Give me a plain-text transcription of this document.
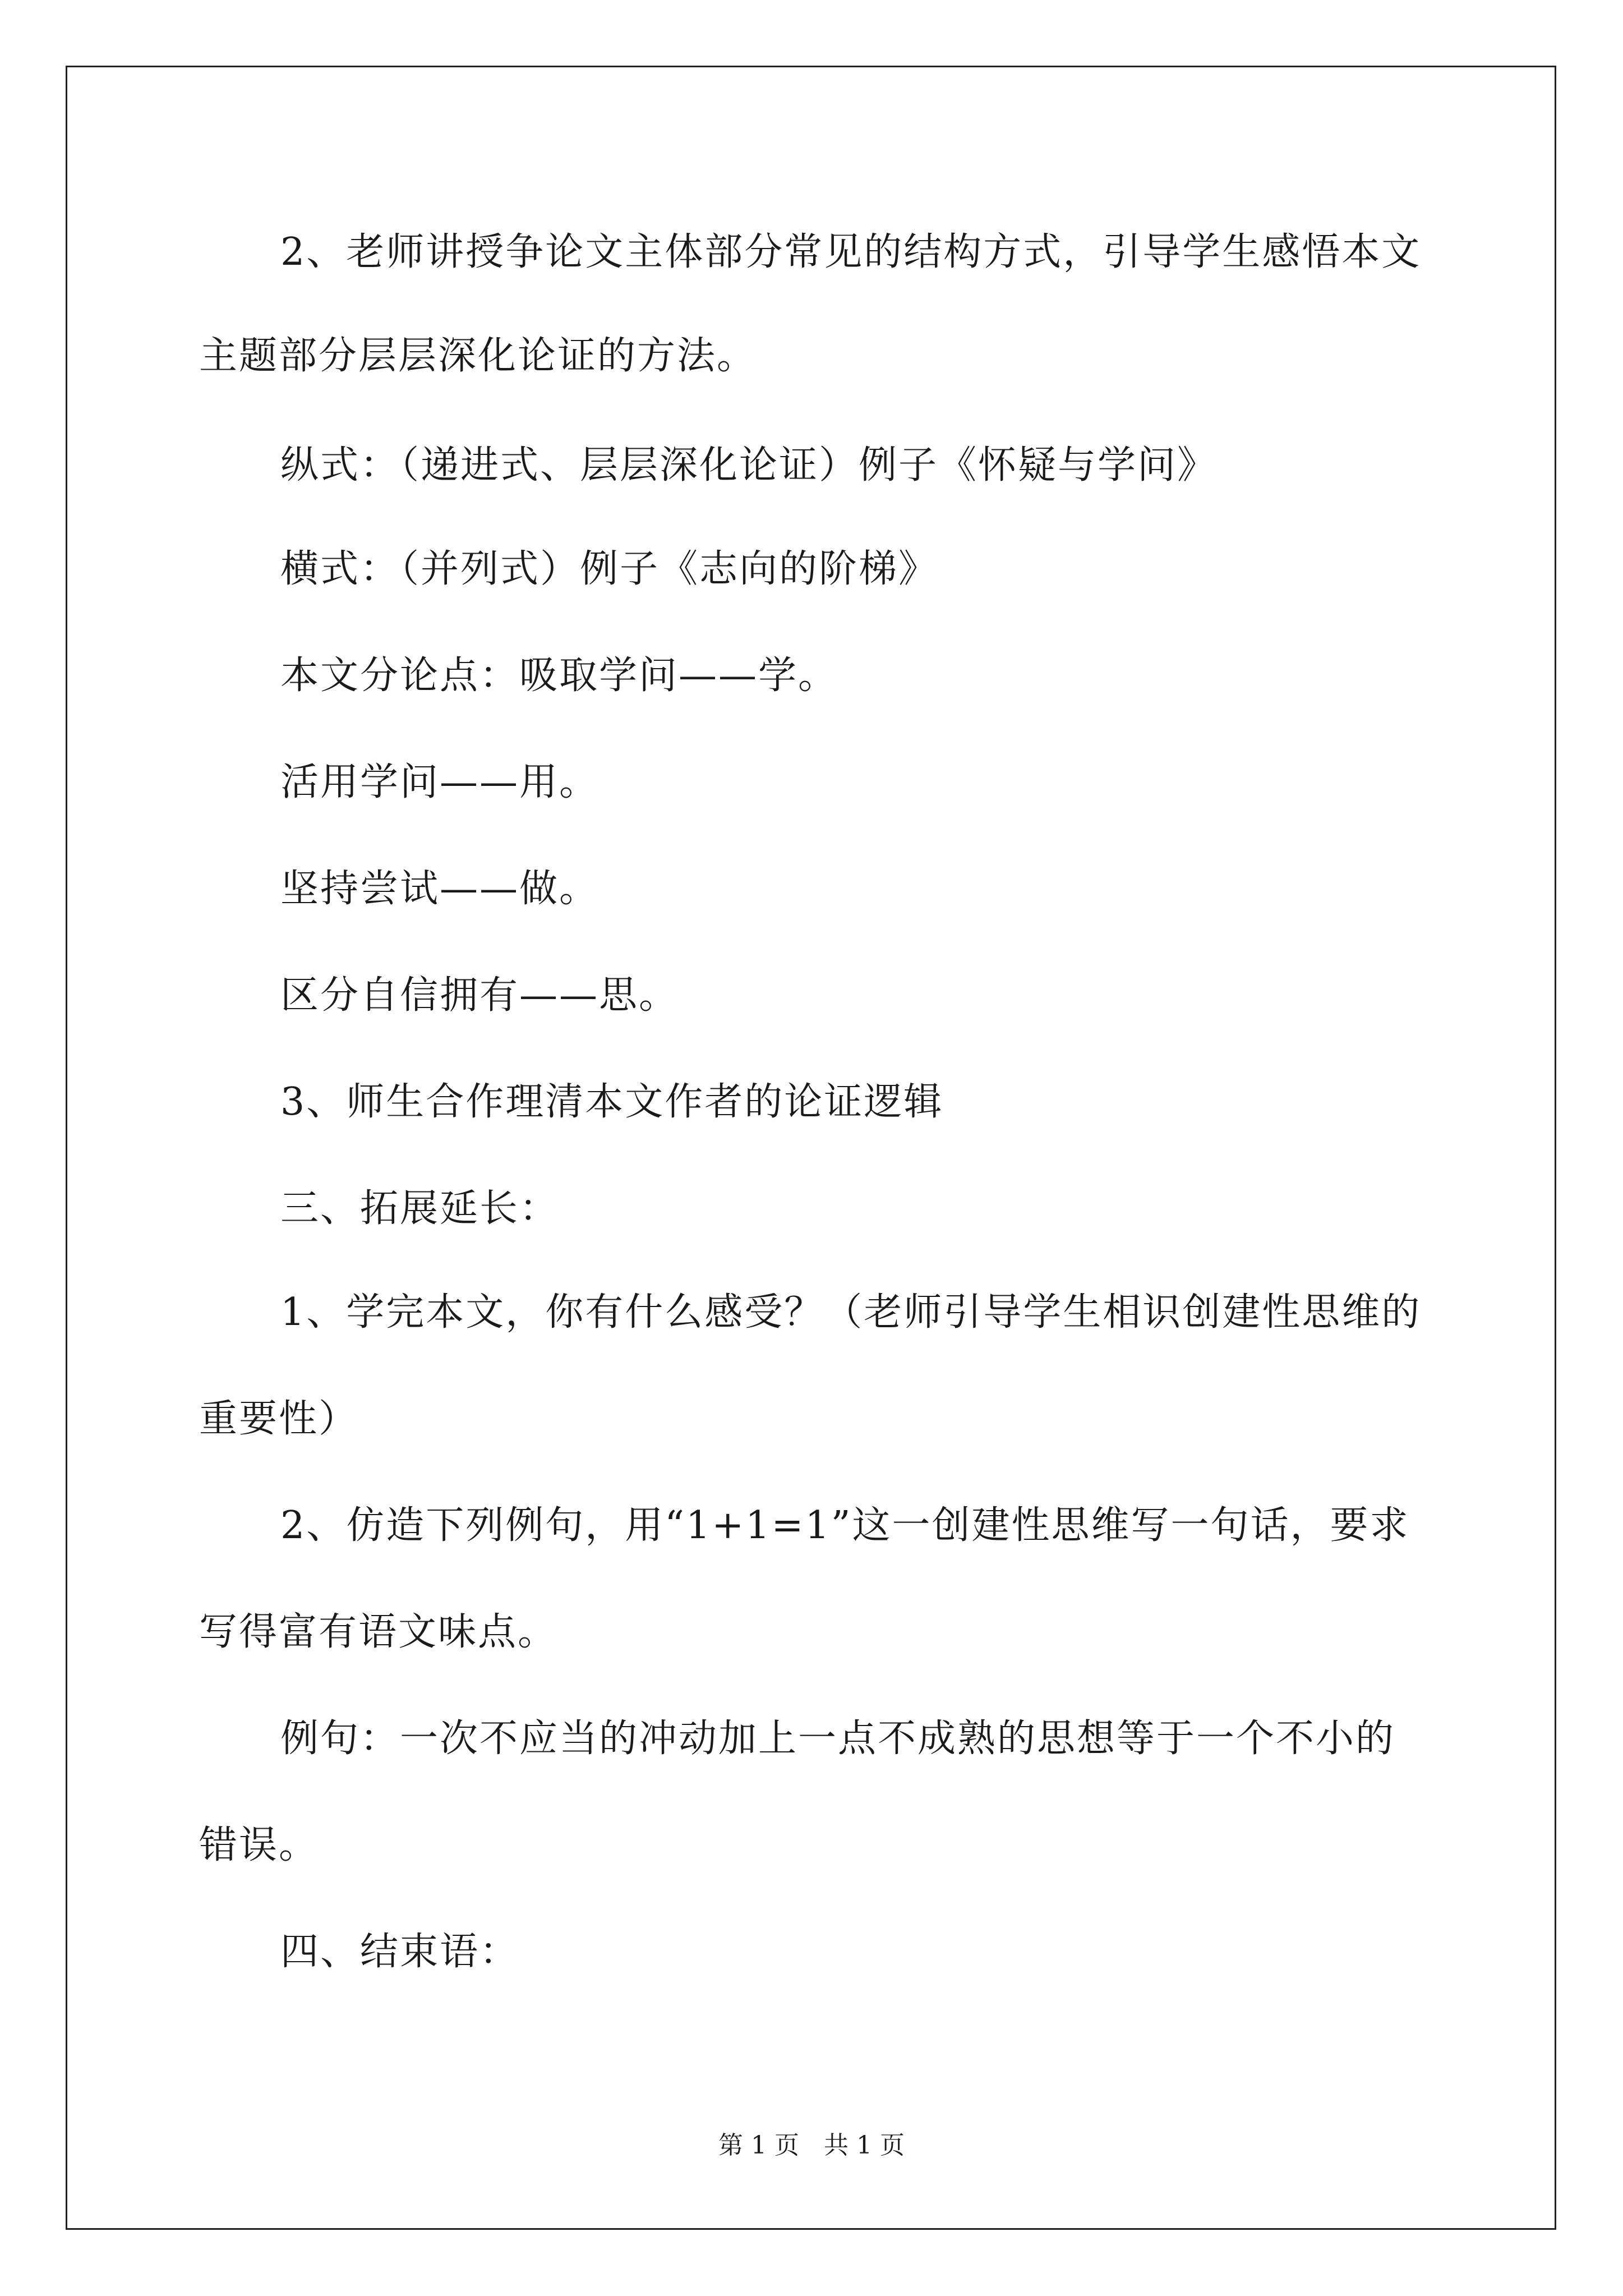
2、老师讲授争论文主体部分常见的结构方式，引导学生感悟本文
主题部分层层深化论证的方法。
纵式：（递进式、层层深化论证）例子《怀疑与学问》
横式：（并列式）例子《志向的阶梯》
本文分论点：吸取学问——学。
活用学问——用。
坚持尝试——做。
区分自信拥有——思。
3、师生合作理清本文作者的论证逻辑
三、拓展延长：
1、学完本文，你有什么感受？（老师引导学生相识创建性思维的
重要性）
2、仿造下列例句，用“1+1=1”这一创建性思维写一句话，要求
写得富有语文味点。
例句：一次不应当的冲动加上一点不成熟的思想等于一个不小的
错误。
四、结束语：
第 1 页　共 1 页
